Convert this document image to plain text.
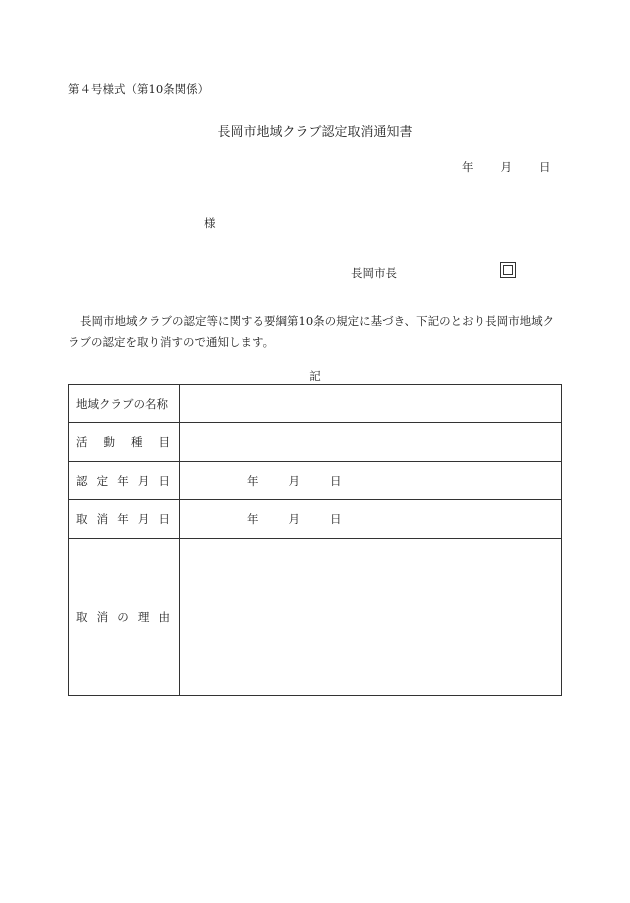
第４号様式（第10条関係）
長岡市地域クラブ認定取消通知書
年 月 日
様
長岡市長
長岡市地域クラブの認定等に関する要綱第10条の規定に基づき、下記のとおり長岡市地域クラブの認定を取り消すので通知します。
記
地域クラブの名称	

活 動 種 目	

認 定 年 月 日	年 月 日

取 消 年 月 日	年 月 日

取 消 の 理 由	
